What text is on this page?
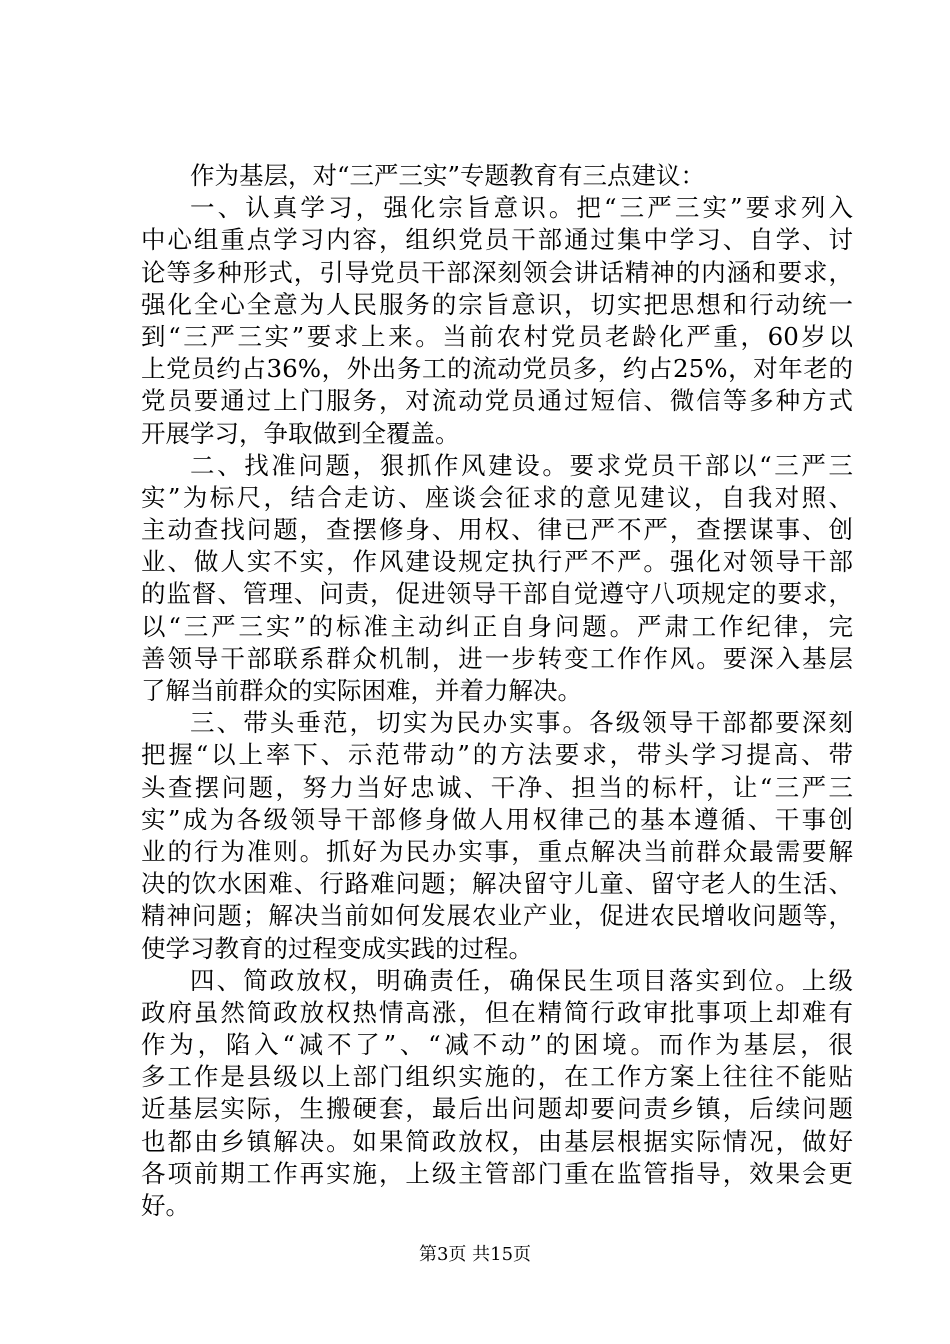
作为基层，对“三严三实”专题教育有三点建议：
一、认真学习，强化宗旨意识。把“三严三实”要求列入
中心组重点学习内容，组织党员干部通过集中学习、自学、讨
论等多种形式，引导党员干部深刻领会讲话精神的内涵和要求，
强化全心全意为人民服务的宗旨意识，切实把思想和行动统一
到“三严三实”要求上来。当前农村党员老龄化严重，60岁以
上党员约占36%，外出务工的流动党员多，约占25%，对年老的
党员要通过上门服务，对流动党员通过短信、微信等多种方式
开展学习，争取做到全覆盖。
二、找准问题，狠抓作风建设。要求党员干部以“三严三
实”为标尺，结合走访、座谈会征求的意见建议，自我对照、
主动查找问题，查摆修身、用权、律已严不严，查摆谋事、创
业、做人实不实，作风建设规定执行严不严。强化对领导干部
的监督、管理、问责，促进领导干部自觉遵守八项规定的要求，
以“三严三实”的标准主动纠正自身问题。严肃工作纪律，完
善领导干部联系群众机制，进一步转变工作作风。要深入基层
了解当前群众的实际困难，并着力解决。
三、带头垂范，切实为民办实事。各级领导干部都要深刻
把握“以上率下、示范带动”的方法要求，带头学习提高、带
头查摆问题，努力当好忠诚、干净、担当的标杆，让“三严三
实”成为各级领导干部修身做人用权律己的基本遵循、干事创
业的行为准则。抓好为民办实事，重点解决当前群众最需要解
决的饮水困难、行路难问题；解决留守儿童、留守老人的生活、
精神问题；解决当前如何发展农业产业，促进农民增收问题等，
使学习教育的过程变成实践的过程。
四、简政放权，明确责任，确保民生项目落实到位。上级
政府虽然简政放权热情高涨，但在精简行政审批事项上却难有
作为，陷入“减不了”、“减不动”的困境。而作为基层，很
多工作是县级以上部门组织实施的，在工作方案上往往不能贴
近基层实际，生搬硬套，最后出问题却要问责乡镇，后续问题
也都由乡镇解决。如果简政放权，由基层根据实际情况，做好
各项前期工作再实施，上级主管部门重在监管指导，效果会更
好。
第3页 共15页
